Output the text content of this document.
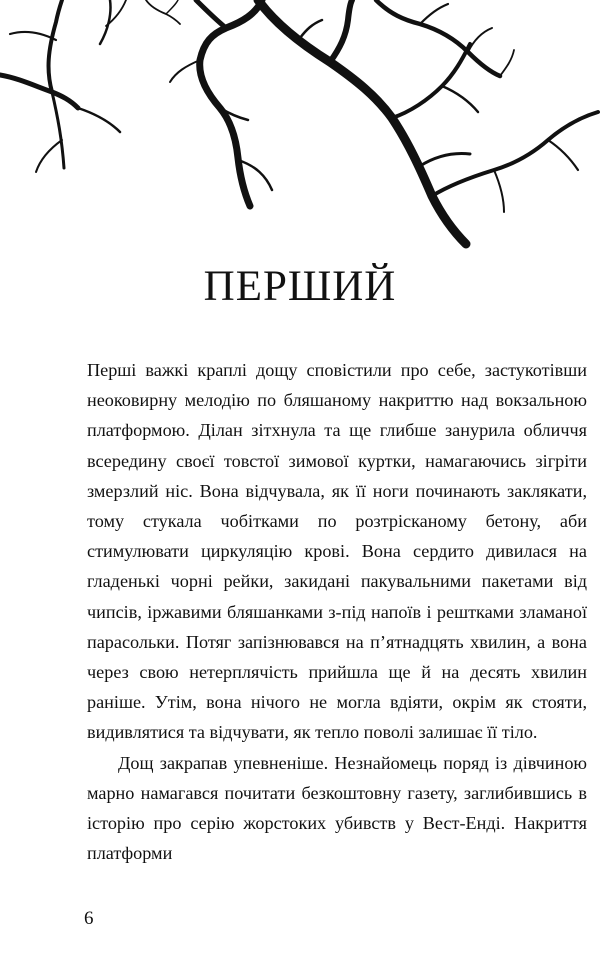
ПЕРШИЙ

Перші важкі краплі дощу сповістили про себе, застукотівши неоковирну мелодію по бляшаному накриттю над вокзальною платформою. Ділан зітхнула та ще глибше занурила обличчя всередину своєї товстої зимової куртки, намагаючись зігріти змерзлий ніс. Вона відчувала, як її ноги починають заклякати, тому стукала чобітками по розтрісканому бетону, аби стимулювати циркуляцію крові. Вона сердито дивилася на гладенькі чорні рейки, закидані пакувальними пакетами від чипсів, іржавими бляшанками з-під напоїв і рештками зламаної парасольки. Потяг запізнювався на п’ятнадцять хвилин, а вона через свою нетерплячість прийшла ще й на десять хвилин раніше. Утім, вона нічого не могла вдіяти, окрім як стояти, видивлятися та відчувати, як тепло поволі залишає її тіло.

Дощ закрапав упевненіше. Незнайомець поряд із дівчиною марно намагався почитати безкоштовну газету, заглибившись в історію про серію жорстоких убивств у Вест-Енді. Накриття платформи

6
